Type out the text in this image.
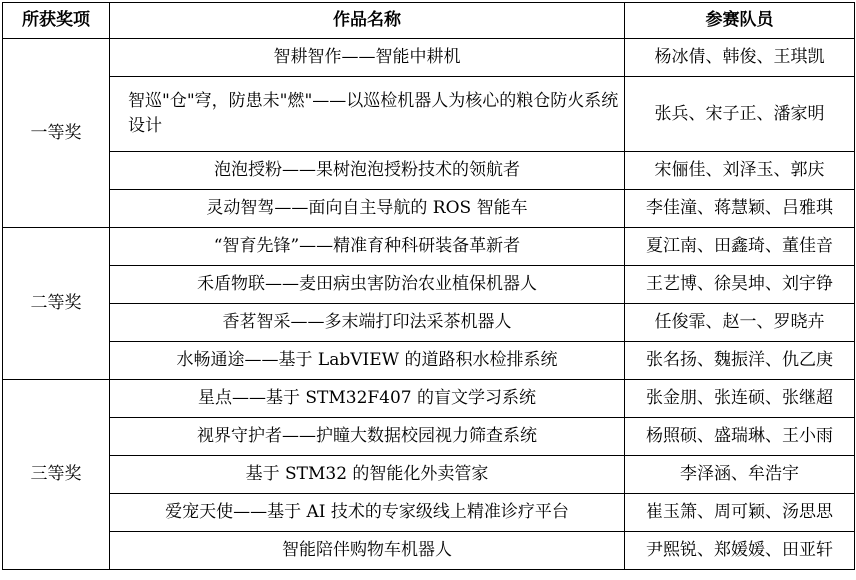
所获奖项	作品名称	参赛队员
一等奖	智耕智作——智能中耕机	杨冰倩、韩俊、王琪凯
	智巡"仓"穹，防患未"燃"——以巡检机器人为核心的粮仓防火系统设计	张兵、宋子正、潘家明
	泡泡授粉——果树泡泡授粉技术的领航者	宋俪佳、刘泽玉、郭庆
	灵动智驾——面向自主导航的 ROS 智能车	李佳潼、蒋慧颖、吕雅琪
二等奖	“智育先锋”——精准育种科研装备革新者	夏江南、田鑫琦、董佳音
	禾盾物联——麦田病虫害防治农业植保机器人	王艺博、徐昊坤、刘宇铮
	香茗智采——多末端打印法采茶机器人	任俊霏、赵一、罗晓卉
	水畅通途——基于 LabVIEW 的道路积水检排系统	张名扬、魏振洋、仇乙庚
三等奖	星点——基于 STM32F407 的盲文学习系统	张金朋、张连硕、张继超
	视界守护者——护瞳大数据校园视力筛查系统	杨照硕、盛瑞琳、王小雨
	基于 STM32 的智能化外卖管家	李泽涵、牟浩宇
	爱宠天使——基于 AI 技术的专家级线上精准诊疗平台	崔玉箫、周可颖、汤思思
	智能陪伴购物车机器人	尹熙锐、郑媛媛、田亚轩
